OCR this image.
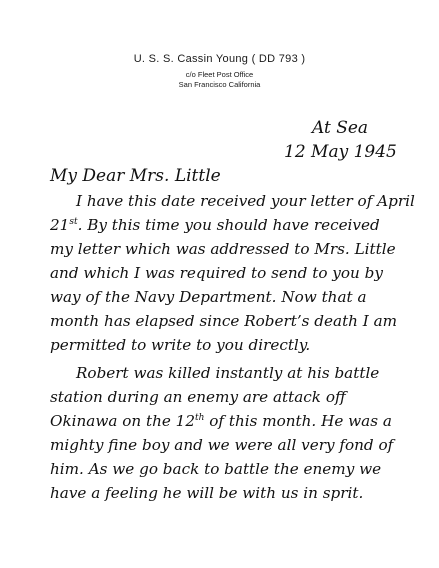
U. S. S. Cassin Young ( DD 793 )
c/o Fleet Post Office
San Francisco California
At Sea
12 May 1945
My Dear Mrs. Little
I have this date received your letter of April
21st. By this time you should have received
my letter which was addressed to Mrs. Little
and which I was required to send to you by
way of the Navy Department. Now that a
month has elapsed since Robert’s death I am
permitted to write to you directly.
Robert was killed instantly at his battle
station during an enemy are attack off
Okinawa on the 12th of this month. He was a
mighty fine boy and we were all very fond of
him. As we go back to battle the enemy we
have a feeling he will be with us in sprit.
